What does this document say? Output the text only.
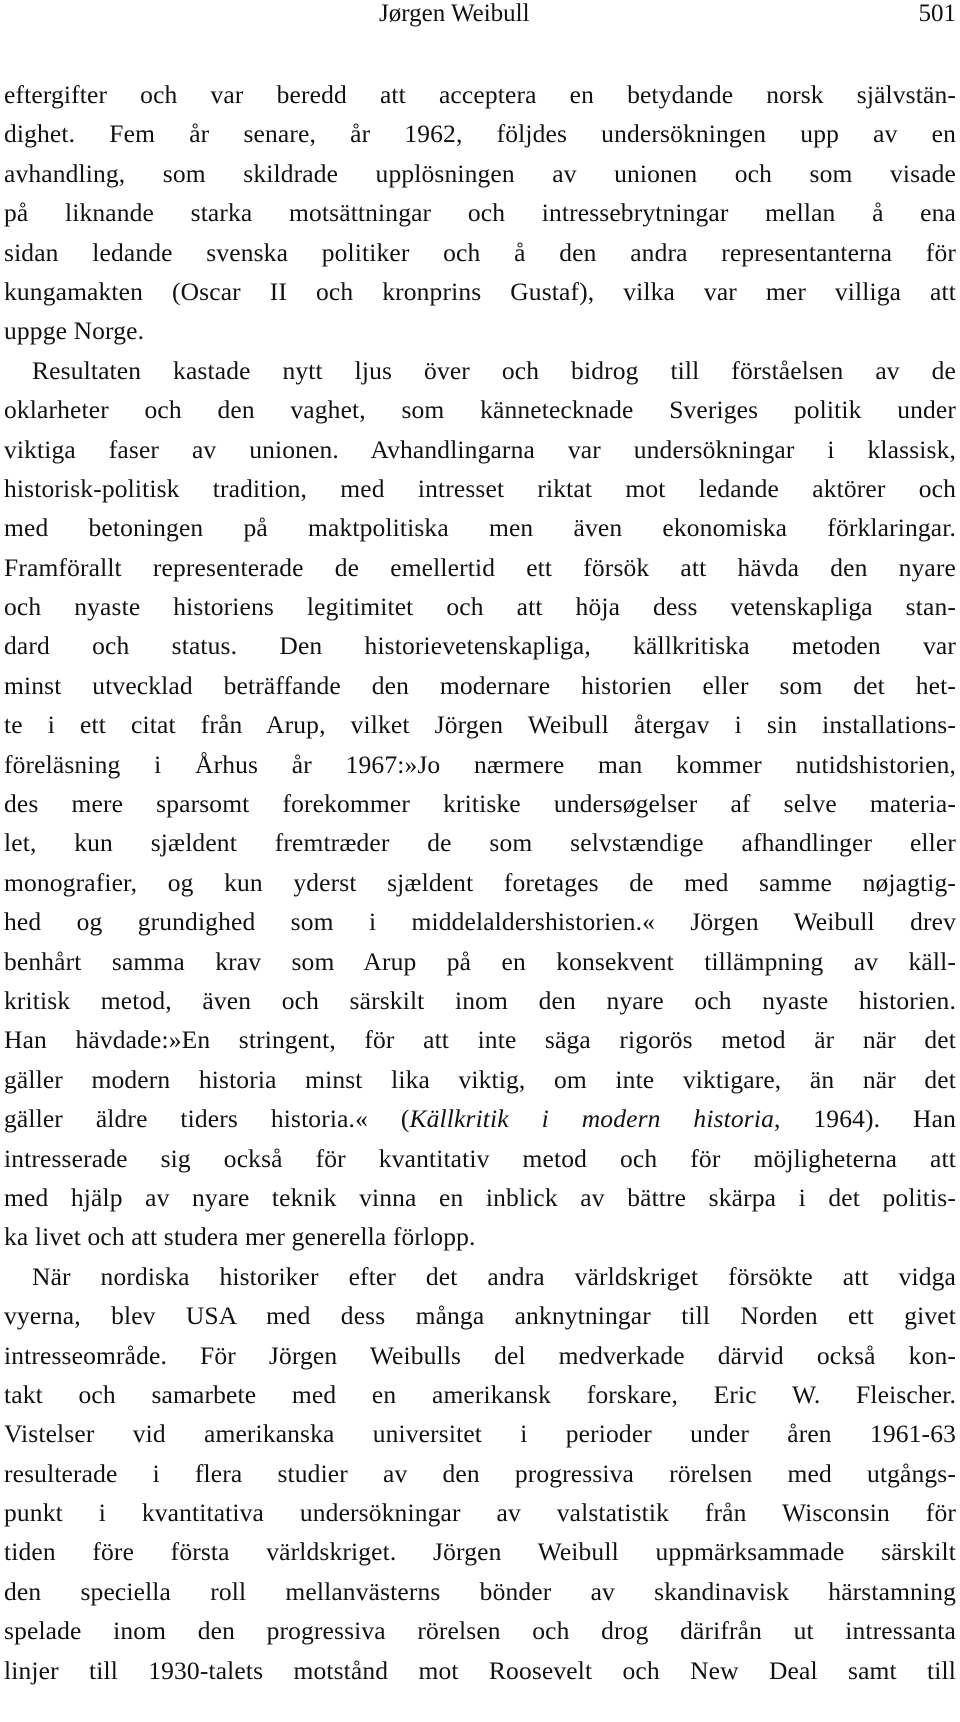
Jørgen Weibull	501
eftergifter och var beredd att acceptera en betydande norsk självstän-
dighet. Fem år senare, år 1962, följdes undersökningen upp av en
avhandling, som skildrade upplösningen av unionen och som visade
på liknande starka motsättningar och intressebrytningar mellan å ena
sidan ledande svenska politiker och å den andra representanterna för
kungamakten (Oscar II och kronprins Gustaf), vilka var mer villiga att
uppge Norge.
Resultaten kastade nytt ljus över och bidrog till förståelsen av de
oklarheter och den vaghet, som kännetecknade Sveriges politik under
viktiga faser av unionen. Avhandlingarna var undersökningar i klassisk,
historisk-politisk tradition, med intresset riktat mot ledande aktörer och
med betoningen på maktpolitiska men även ekonomiska förklaringar.
Framförallt representerade de emellertid ett försök att hävda den nyare
och nyaste historiens legitimitet och att höja dess vetenskapliga stan-
dard och status. Den historievetenskapliga, källkritiska metoden var
minst utvecklad beträffande den modernare historien eller som det het-
te i ett citat från Arup, vilket Jörgen Weibull återgav i sin installations-
föreläsning i Århus år 1967:»Jo nærmere man kommer nutidshistorien,
des mere sparsomt forekommer kritiske undersøgelser af selve materia-
let, kun sjældent fremtræder de som selvstændige afhandlinger eller
monografier, og kun yderst sjældent foretages de med samme nøjagtig-
hed og grundighed som i middelaldershistorien.« Jörgen Weibull drev
benhårt samma krav som Arup på en konsekvent tillämpning av käll-
kritisk metod, även och särskilt inom den nyare och nyaste historien.
Han hävdade:»En stringent, för att inte säga rigorös metod är när det
gäller modern historia minst lika viktig, om inte viktigare, än när det
gäller äldre tiders historia.« (Källkritik i modern historia, 1964). Han
intresserade sig också för kvantitativ metod och för möjligheterna att
med hjälp av nyare teknik vinna en inblick av bättre skärpa i det politis-
ka livet och att studera mer generella förlopp.
När nordiska historiker efter det andra världskriget försökte att vidga
vyerna, blev USA med dess många anknytningar till Norden ett givet
intresseområde. För Jörgen Weibulls del medverkade därvid också kon-
takt och samarbete med en amerikansk forskare, Eric W. Fleischer.
Vistelser vid amerikanska universitet i perioder under åren 1961-63
resulterade i flera studier av den progressiva rörelsen med utgångs-
punkt i kvantitativa undersökningar av valstatistik från Wisconsin för
tiden före första världskriget. Jörgen Weibull uppmärksammade särskilt
den speciella roll mellanvästerns bönder av skandinavisk härstamning
spelade inom den progressiva rörelsen och drog därifrån ut intressanta
linjer till 1930-talets motstånd mot Roosevelt och New Deal samt till
